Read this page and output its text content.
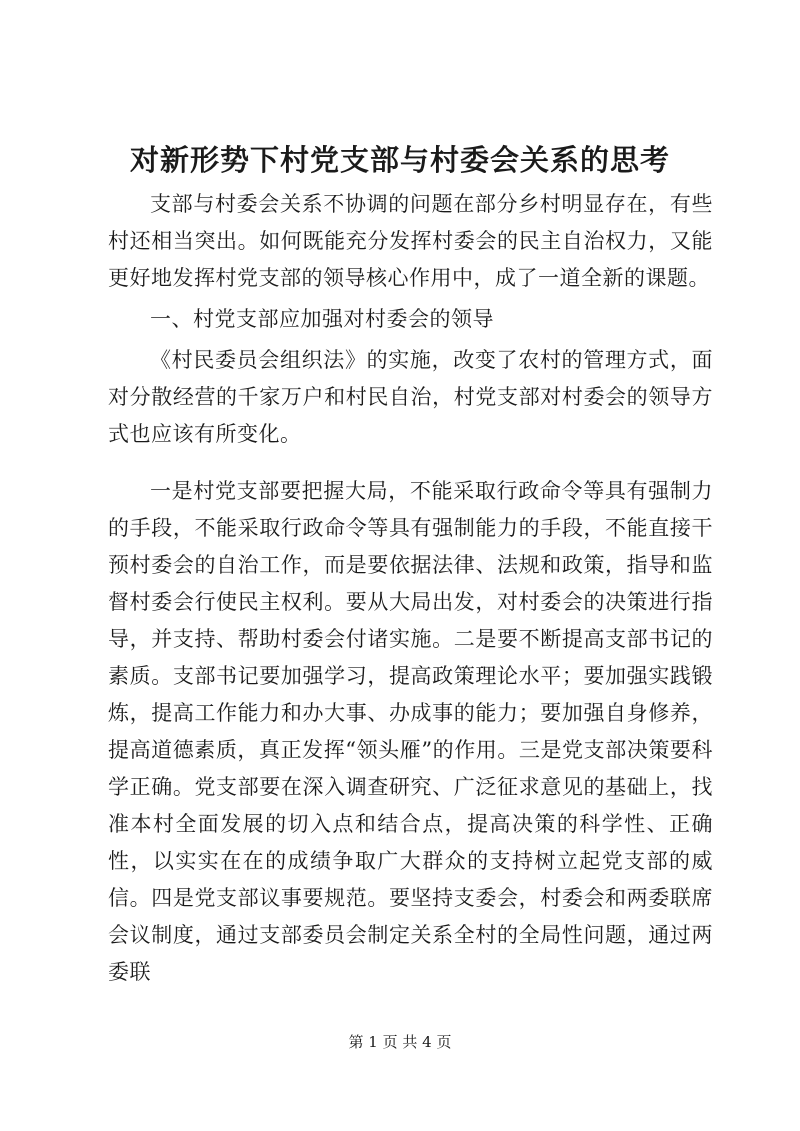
对新形势下村党支部与村委会关系的思考

支部与村委会关系不协调的问题在部分乡村明显存在，有些村还相当突出。如何既能充分发挥村委会的民主自治权力，又能更好地发挥村党支部的领导核心作用中，成了一道全新的课题。

一、村党支部应加强对村委会的领导

《村民委员会组织法》的实施，改变了农村的管理方式，面对分散经营的千家万户和村民自治，村党支部对村委会的领导方式也应该有所变化。

一是村党支部要把握大局，不能采取行政命令等具有强制力的手段，不能采取行政命令等具有强制能力的手段，不能直接干预村委会的自治工作，而是要依据法律、法规和政策，指导和监督村委会行使民主权利。要从大局出发，对村委会的决策进行指导，并支持、帮助村委会付诸实施。二是要不断提高支部书记的素质。支部书记要加强学习，提高政策理论水平；要加强实践锻炼，提高工作能力和办大事、办成事的能力；要加强自身修养，提高道德素质，真正发挥“领头雁”的作用。三是党支部决策要科学正确。党支部要在深入调查研究、广泛征求意见的基础上，找准本村全面发展的切入点和结合点，提高决策的科学性、正确性，以实实在在的成绩争取广大群众的支持树立起党支部的威信。四是党支部议事要规范。要坚持支委会，村委会和两委联席会议制度，通过支部委员会制定关系全村的全局性问题，通过两委联

第 1 页 共 4 页
